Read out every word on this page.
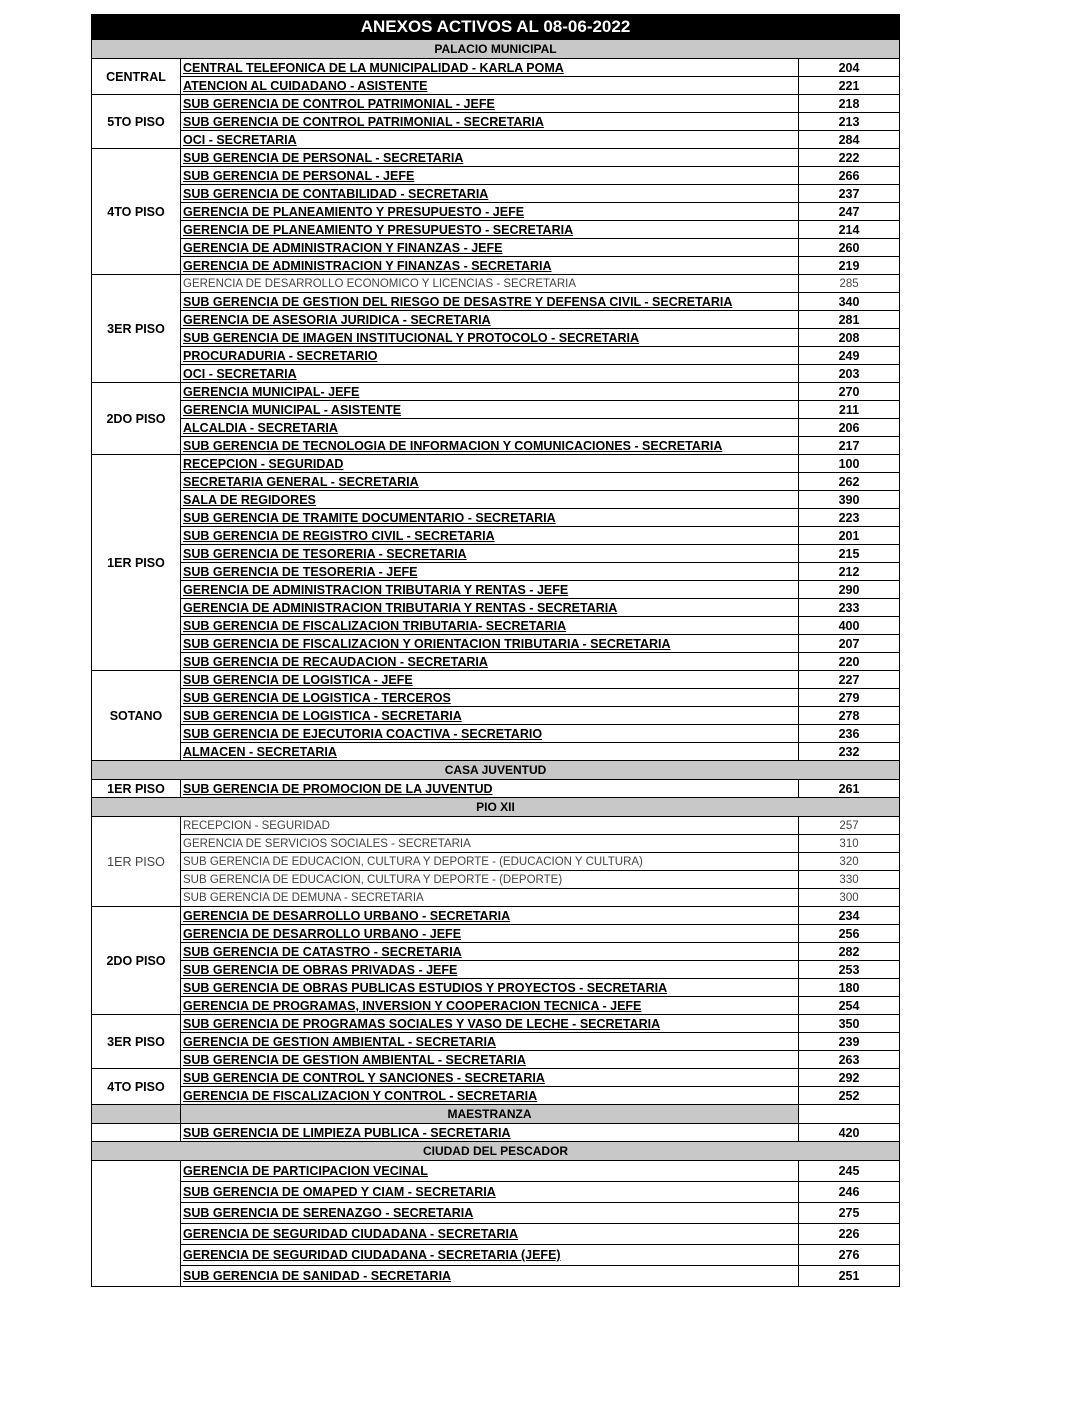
ANEXOS ACTIVOS AL 08-06-2022		
PALACIO MUNICIPAL		
CENTRAL	CENTRAL TELEFONICA DE LA MUNICIPALIDAD - KARLA POMA	204
	ATENCION AL CUIDADANO - ASISTENTE	221
5TO PISO	SUB GERENCIA DE CONTROL PATRIMONIAL - JEFE	218
	SUB GERENCIA DE CONTROL PATRIMONIAL - SECRETARIA	213
	OCI - SECRETARIA	284
4TO PISO	SUB GERENCIA DE PERSONAL - SECRETARIA	222
	SUB GERENCIA DE PERSONAL - JEFE	266
	SUB GERENCIA DE CONTABILIDAD - SECRETARIA	237
	GERENCIA DE PLANEAMIENTO Y PRESUPUESTO - JEFE	247
	GERENCIA DE PLANEAMIENTO Y PRESUPUESTO - SECRETARIA	214
	GERENCIA DE ADMINISTRACION Y FINANZAS - JEFE	260
	GERENCIA DE ADMINISTRACION Y FINANZAS - SECRETARIA	219
3ER PISO	GERENCIA DE DESARROLLO ECONOMICO Y LICENCIAS - SECRETARIA	285
	SUB GERENCIA DE GESTION DEL RIESGO DE DESASTRE Y DEFENSA CIVIL - SECRETARIA	340
	GERENCIA DE ASESORIA JURIDICA - SECRETARIA	281
	SUB GERENCIA DE IMAGEN INSTITUCIONAL Y PROTOCOLO - SECRETARIA	208
	PROCURADURIA - SECRETARIO	249
	OCI - SECRETARIA	203
2DO PISO	GERENCIA MUNICIPAL- JEFE	270
	GERENCIA MUNICIPAL - ASISTENTE	211
	ALCALDIA - SECRETARIA	206
	SUB GERENCIA DE TECNOLOGIA DE INFORMACION Y COMUNICACIONES - SECRETARIA	217
1ER PISO	RECEPCION - SEGURIDAD	100
	SECRETARIA GENERAL - SECRETARIA	262
	SALA DE REGIDORES	390
	SUB GERENCIA DE TRAMITE DOCUMENTARIO - SECRETARIA	223
	SUB GERENCIA DE REGISTRO CIVIL - SECRETARIA	201
	SUB GERENCIA DE TESORERIA - SECRETARIA	215
	SUB GERENCIA DE TESORERIA - JEFE	212
	GERENCIA DE ADMINISTRACION TRIBUTARIA Y RENTAS - JEFE	290
	GERENCIA DE ADMINISTRACION TRIBUTARIA Y RENTAS - SECRETARIA	233
	SUB GERENCIA DE FISCALIZACION TRIBUTARIA- SECRETARIA	400
	SUB GERENCIA DE FISCALIZACION Y ORIENTACION TRIBUTARIA - SECRETARIA	207
	SUB GERENCIA DE RECAUDACION - SECRETARIA	220
SOTANO	SUB GERENCIA DE LOGISTICA - JEFE	227
	SUB GERENCIA DE LOGISTICA - TERCEROS	279
	SUB GERENCIA DE LOGISTICA - SECRETARIA	278
	SUB GERENCIA DE EJECUTORIA COACTIVA - SECRETARIO	236
	ALMACEN - SECRETARIA	232
CASA JUVENTUD		
1ER PISO	SUB GERENCIA DE PROMOCION DE LA JUVENTUD	261
PIO XII		
1ER PISO	RECEPCION - SEGURIDAD	257
	GERENCIA DE SERVICIOS SOCIALES - SECRETARIA	310
	SUB GERENCIA DE EDUCACION, CULTURA Y DEPORTE - (EDUCACION Y CULTURA)	320
	SUB GERENCIA DE EDUCACION, CULTURA Y DEPORTE - (DEPORTE)	330
	SUB GERENCIA DE DEMUNA - SECRETARIA	300
2DO PISO	GERENCIA DE DESARROLLO URBANO - SECRETARIA	234
	GERENCIA DE DESARROLLO URBANO - JEFE	256
	SUB GERENCIA DE CATASTRO - SECRETARIA	282
	SUB GERENCIA DE OBRAS PRIVADAS - JEFE	253
	SUB GERENCIA DE OBRAS PUBLICAS ESTUDIOS Y PROYECTOS - SECRETARIA	180
	GERENCIA DE PROGRAMAS, INVERSION Y COOPERACION TECNICA - JEFE	254
3ER PISO	SUB GERENCIA DE PROGRAMAS SOCIALES Y VASO DE LECHE - SECRETARIA	350
	GERENCIA DE GESTION AMBIENTAL - SECRETARIA	239
	SUB GERENCIA DE GESTION AMBIENTAL - SECRETARIA	263
4TO PISO	SUB GERENCIA DE CONTROL Y SANCIONES - SECRETARIA	292
	GERENCIA DE FISCALIZACION Y CONTROL - SECRETARIA	252
	MAESTRANZA	
	SUB GERENCIA DE LIMPIEZA PUBLICA - SECRETARIA	420
CIUDAD DEL PESCADOR		
	GERENCIA DE PARTICIPACION VECINAL	245
	SUB GERENCIA DE OMAPED Y CIAM - SECRETARIA	246
	SUB GERENCIA DE SERENAZGO - SECRETARIA	275
	GERENCIA DE SEGURIDAD CIUDADANA - SECRETARIA	226
	GERENCIA DE SEGURIDAD CIUDADANA - SECRETARIA (JEFE)	276
	SUB GERENCIA DE SANIDAD - SECRETARIA	251
